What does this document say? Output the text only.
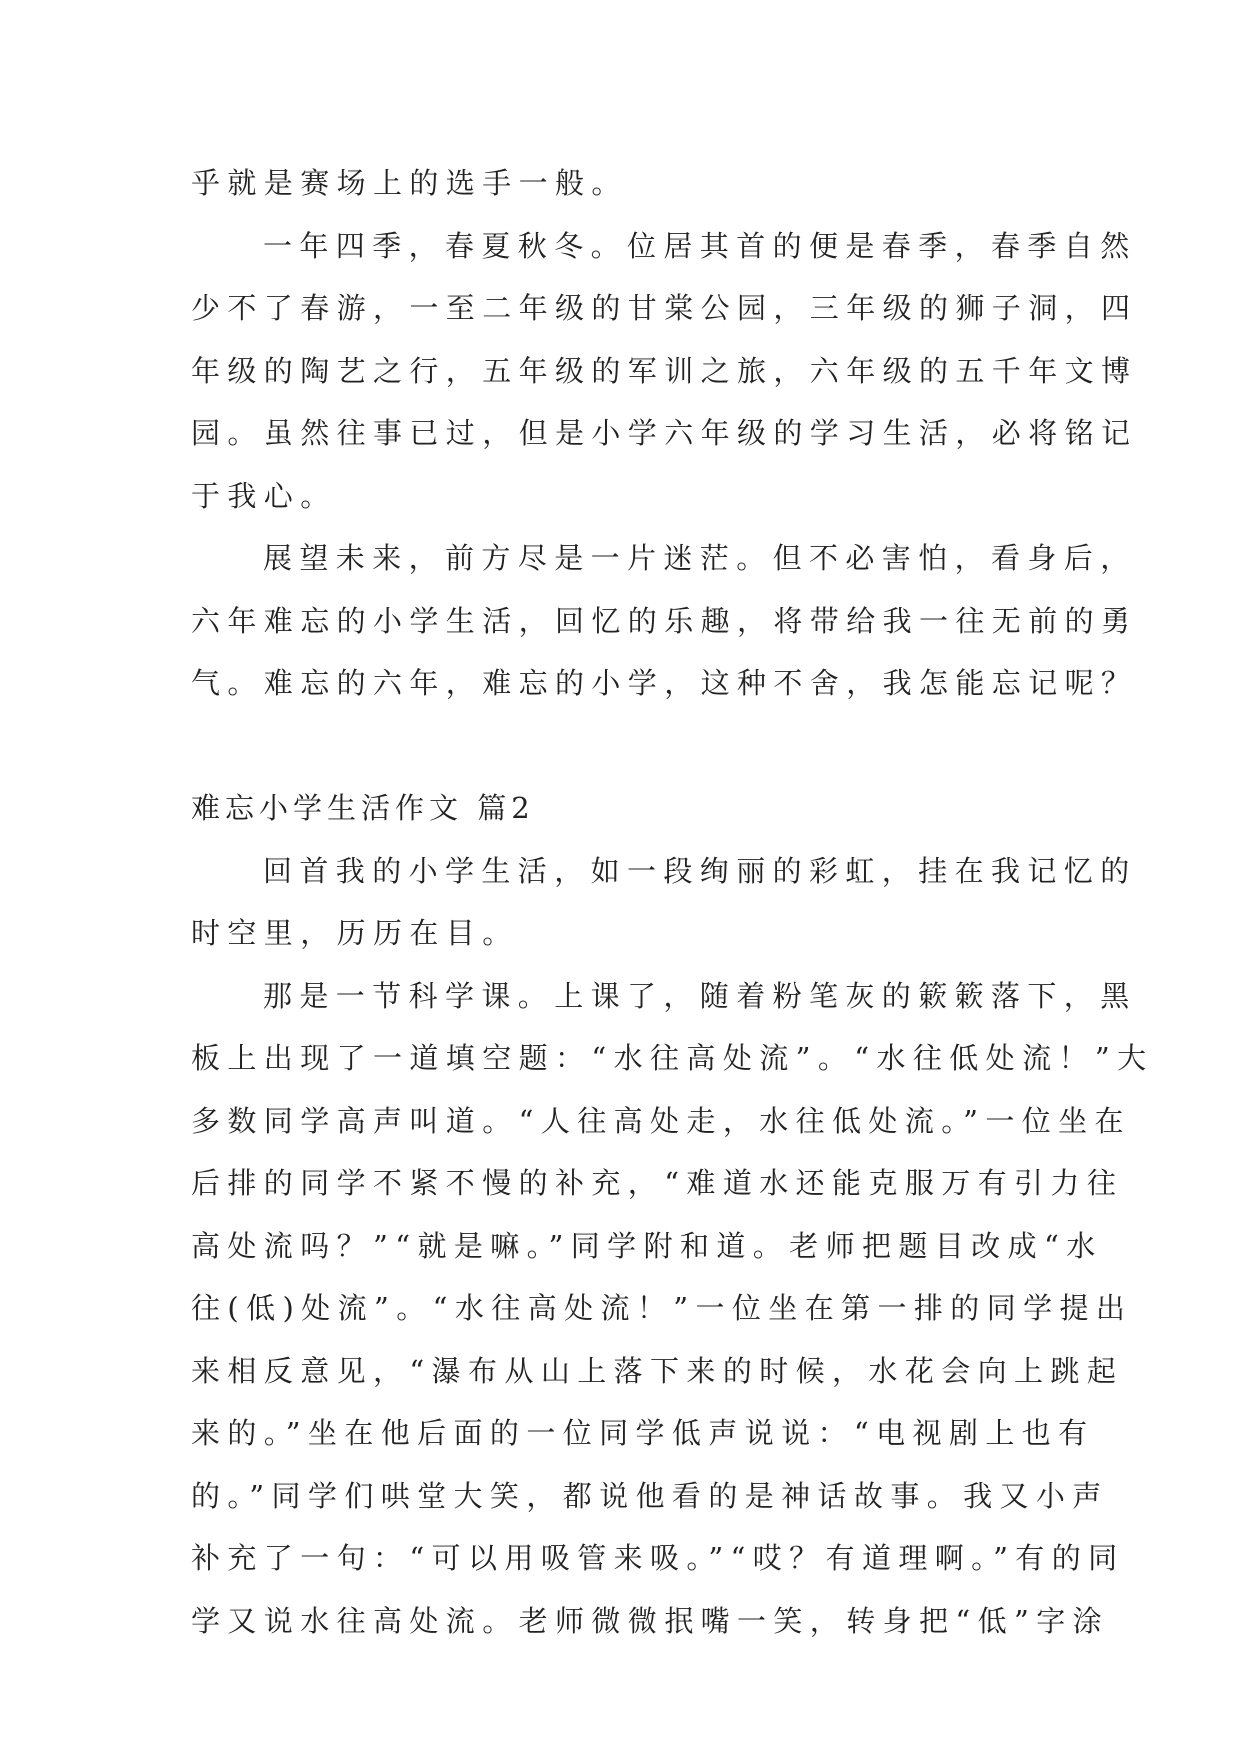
乎就是赛场上的选手一般。
一年四季，春夏秋冬。位居其首的便是春季，春季自然
少不了春游，一至二年级的甘棠公园，三年级的狮子洞，四
年级的陶艺之行，五年级的军训之旅，六年级的五千年文博
园。虽然往事已过，但是小学六年级的学习生活，必将铭记
于我心。
展望未来，前方尽是一片迷茫。但不必害怕，看身后，
六年难忘的小学生活，回忆的乐趣，将带给我一往无前的勇
气。难忘的六年，难忘的小学，这种不舍，我怎能忘记呢？
难忘小学生活作文 篇2
回首我的小学生活，如一段绚丽的彩虹，挂在我记忆的
时空里，历历在目。
那是一节科学课。上课了，随着粉笔灰的簌簌落下，黑
板上出现了一道填空题：“水往高处流”。“水往低处流！”大
多数同学高声叫道。“人往高处走，水往低处流。”一位坐在
后排的同学不紧不慢的补充，“难道水还能克服万有引力往
高处流吗？”“就是嘛。”同学附和道。老师把题目改成“水
往(低)处流”。“水往高处流！”一位坐在第一排的同学提出
来相反意见，“瀑布从山上落下来的时候，水花会向上跳起
来的。”坐在他后面的一位同学低声说说：“电视剧上也有
的。”同学们哄堂大笑，都说他看的是神话故事。我又小声
补充了一句：“可以用吸管来吸。”“哎？有道理啊。”有的同
学又说水往高处流。老师微微抿嘴一笑，转身把“低”字涂
